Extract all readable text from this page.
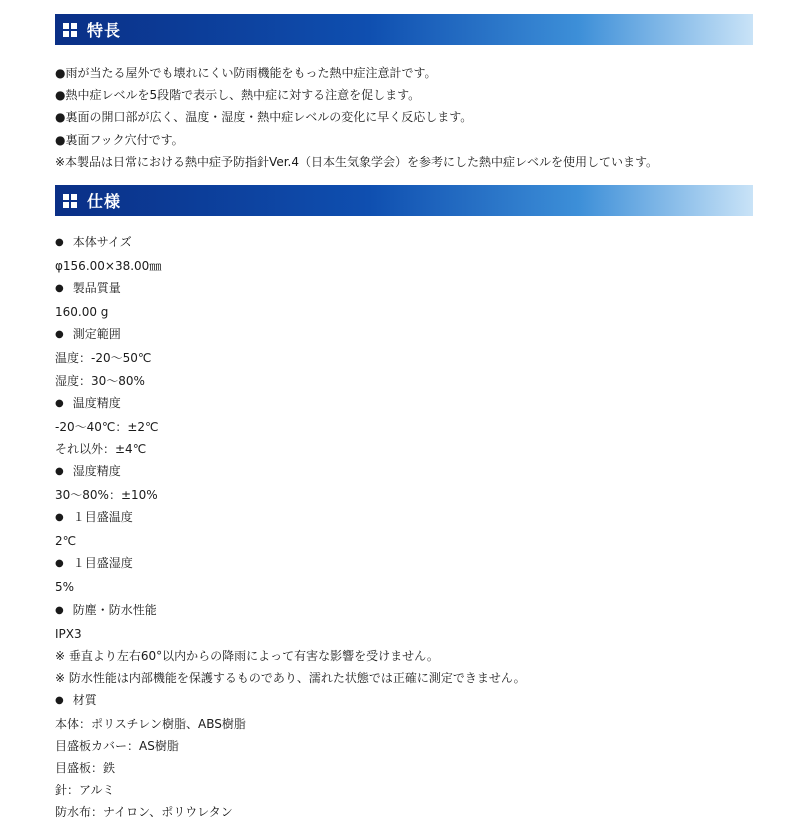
特長
●雨が当たる屋外でも壊れにくい防雨機能をもった熱中症注意計です。
●熱中症レベルを5段階で表示し、熱中症に対する注意を促します。
●裏面の開口部が広く、温度・湿度・熱中症レベルの変化に早く反応します。
●裏面フック穴付です。
※本製品は日常における熱中症予防指針Ver.4（日本生気象学会）を参考にした熱中症レベルを使用しています。
仕様
● 本体サイズ
φ156.00×38.00㎜
● 製品質量
160.00 g
● 測定範囲
温度：-20～50℃
湿度：30～80%
● 温度精度
-20～40℃：±2℃
それ以外：±4℃
● 湿度精度
30～80%：±10%
● １目盛温度
2℃
● １目盛湿度
5%
● 防塵・防水性能
IPX3
※ 垂直より左右60°以内からの降雨によって有害な影響を受けません。
※ 防水性能は内部機能を保護するものであり、濡れた状態では正確に測定できません。
● 材質
本体：ポリスチレン樹脂、ABS樹脂
目盛板カバー：AS樹脂
目盛板：鉄
針：アルミ
防水布：ナイロン、ポリウレタン
